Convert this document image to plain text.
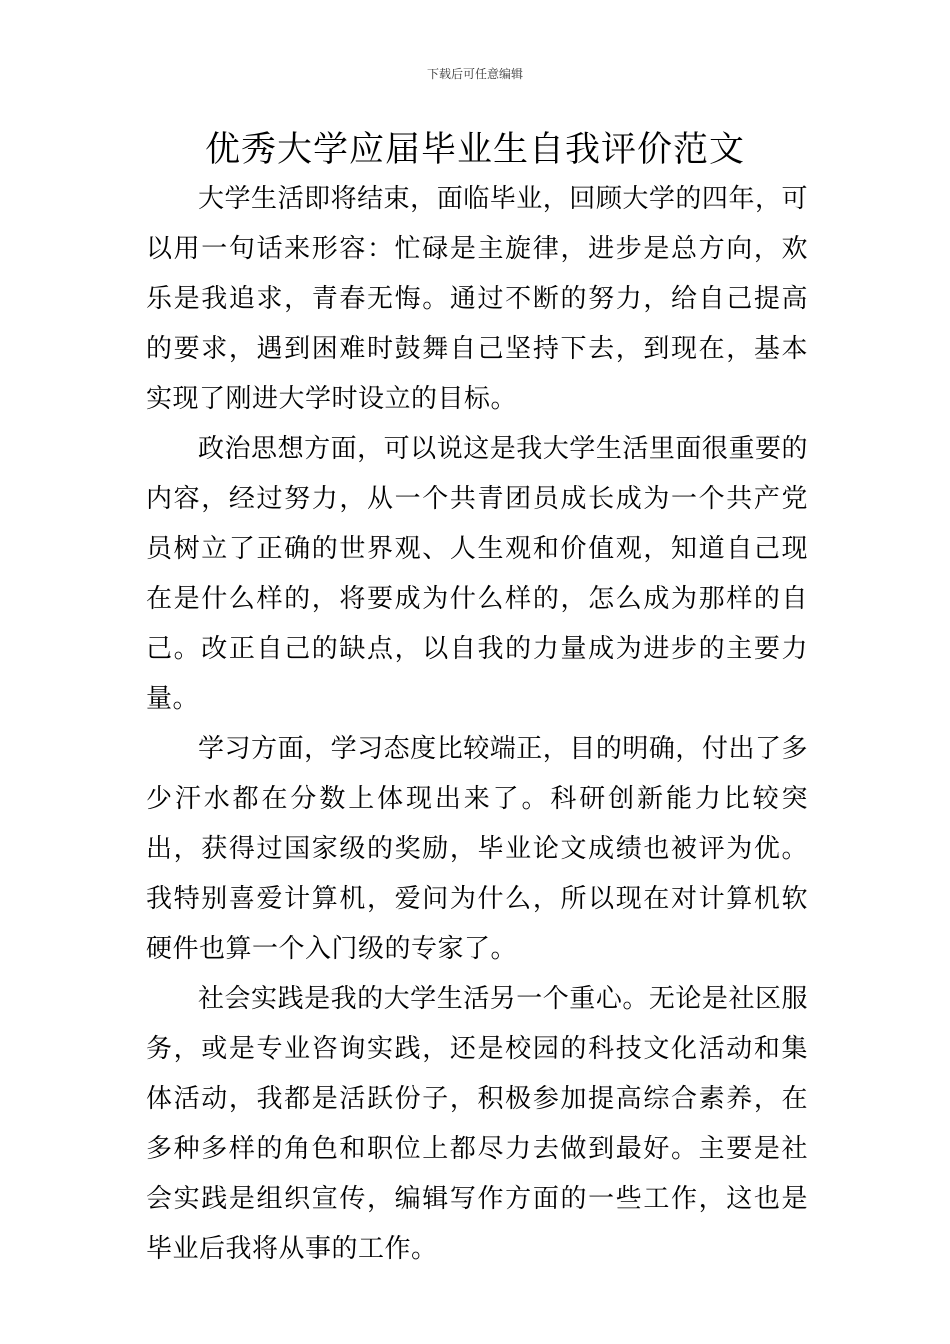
下载后可任意编辑
优秀大学应届毕业生自我评价范文

大学生活即将结束，面临毕业，回顾大学的四年，可以用一句话来形容：忙碌是主旋律，进步是总方向，欢乐是我追求，青春无悔。通过不断的努力，给自己提高的要求，遇到困难时鼓舞自己坚持下去，到现在，基本实现了刚进大学时设立的目标。

政治思想方面，可以说这是我大学生活里面很重要的内容，经过努力，从一个共青团员成长成为一个共产党员树立了正确的世界观、人生观和价值观，知道自己现在是什么样的，将要成为什么样的，怎么成为那样的自己。改正自己的缺点，以自我的力量成为进步的主要力量。

学习方面，学习态度比较端正，目的明确，付出了多少汗水都在分数上体现出来了。科研创新能力比较突出，获得过国家级的奖励，毕业论文成绩也被评为优。我特别喜爱计算机，爱问为什么，所以现在对计算机软硬件也算一个入门级的专家了。

社会实践是我的大学生活另一个重心。无论是社区服务，或是专业咨询实践，还是校园的科技文化活动和集体活动，我都是活跃份子，积极参加提高综合素养，在多种多样的角色和职位上都尽力去做到最好。主要是社会实践是组织宣传，编辑写作方面的一些工作，这也是毕业后我将从事的工作。
